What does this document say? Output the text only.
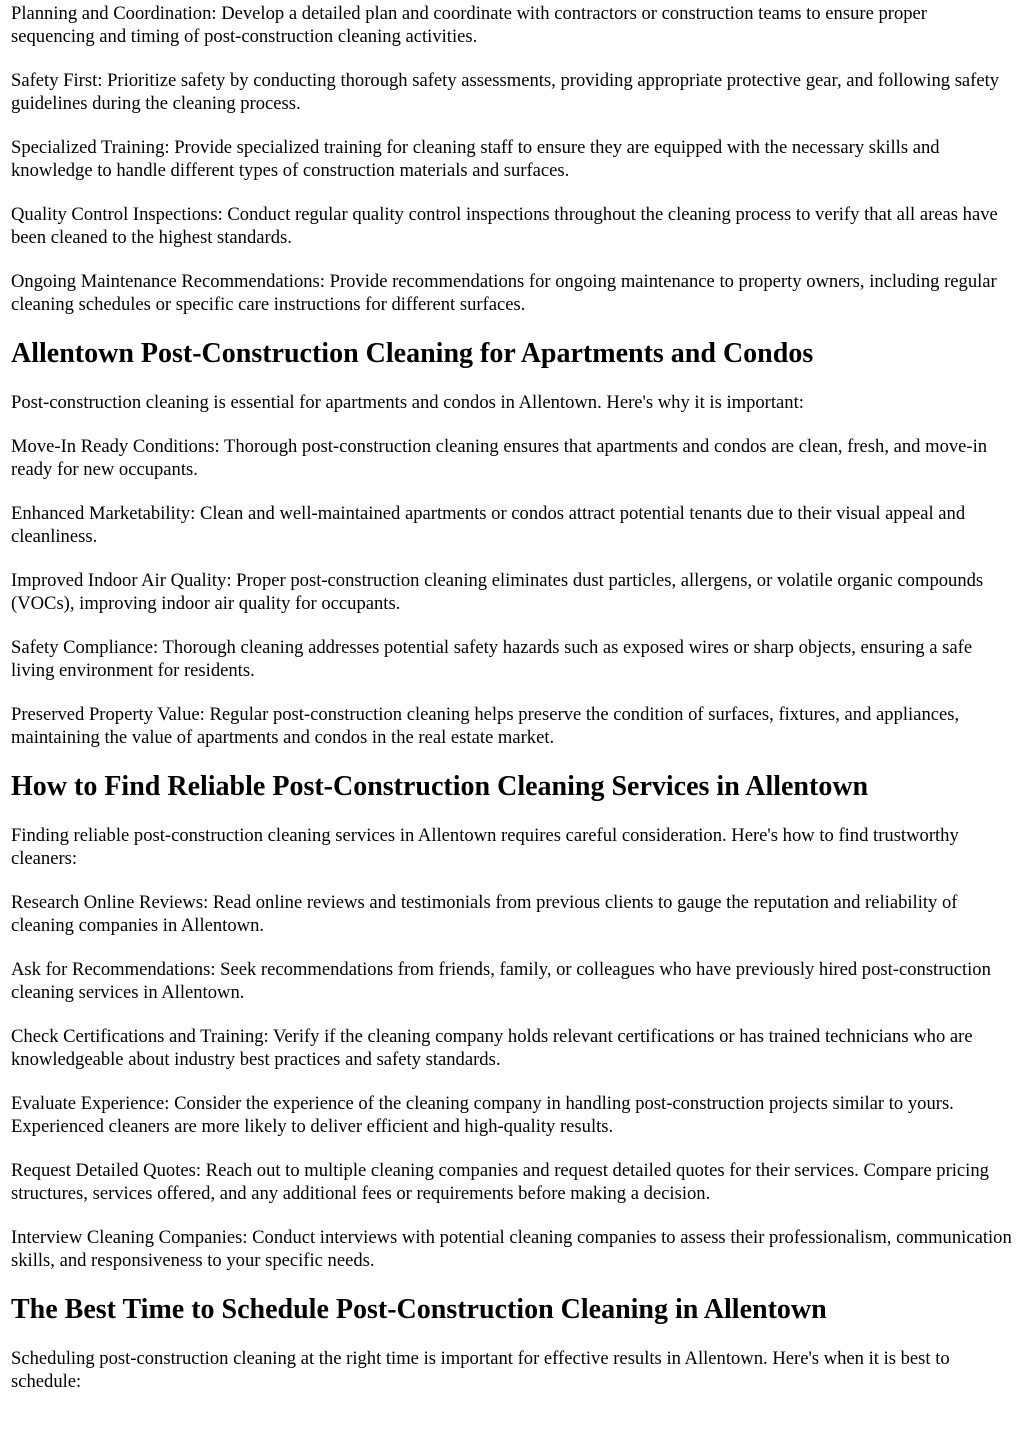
Planning and Coordination: Develop a detailed plan and coordinate with contractors or construction teams to ensure proper sequencing and timing of post-construction cleaning activities.

Safety First: Prioritize safety by conducting thorough safety assessments, providing appropriate protective gear, and following safety guidelines during the cleaning process.

Specialized Training: Provide specialized training for cleaning staff to ensure they are equipped with the necessary skills and knowledge to handle different types of construction materials and surfaces.

Quality Control Inspections: Conduct regular quality control inspections throughout the cleaning process to verify that all areas have been cleaned to the highest standards.

Ongoing Maintenance Recommendations: Provide recommendations for ongoing maintenance to property owners, including regular cleaning schedules or specific care instructions for different surfaces.

Allentown Post-Construction Cleaning for Apartments and Condos

Post-construction cleaning is essential for apartments and condos in Allentown. Here's why it is important:

Move-In Ready Conditions: Thorough post-construction cleaning ensures that apartments and condos are clean, fresh, and move-in ready for new occupants.

Enhanced Marketability: Clean and well-maintained apartments or condos attract potential tenants due to their visual appeal and cleanliness.

Improved Indoor Air Quality: Proper post-construction cleaning eliminates dust particles, allergens, or volatile organic compounds (VOCs), improving indoor air quality for occupants.

Safety Compliance: Thorough cleaning addresses potential safety hazards such as exposed wires or sharp objects, ensuring a safe living environment for residents.

Preserved Property Value: Regular post-construction cleaning helps preserve the condition of surfaces, fixtures, and appliances, maintaining the value of apartments and condos in the real estate market.

How to Find Reliable Post-Construction Cleaning Services in Allentown

Finding reliable post-construction cleaning services in Allentown requires careful consideration. Here's how to find trustworthy cleaners:

Research Online Reviews: Read online reviews and testimonials from previous clients to gauge the reputation and reliability of cleaning companies in Allentown.

Ask for Recommendations: Seek recommendations from friends, family, or colleagues who have previously hired post-construction cleaning services in Allentown.

Check Certifications and Training: Verify if the cleaning company holds relevant certifications or has trained technicians who are knowledgeable about industry best practices and safety standards.

Evaluate Experience: Consider the experience of the cleaning company in handling post-construction projects similar to yours. Experienced cleaners are more likely to deliver efficient and high-quality results.

Request Detailed Quotes: Reach out to multiple cleaning companies and request detailed quotes for their services. Compare pricing structures, services offered, and any additional fees or requirements before making a decision.

Interview Cleaning Companies: Conduct interviews with potential cleaning companies to assess their professionalism, communication skills, and responsiveness to your specific needs.

The Best Time to Schedule Post-Construction Cleaning in Allentown

Scheduling post-construction cleaning at the right time is important for effective results in Allentown. Here's when it is best to schedule:
